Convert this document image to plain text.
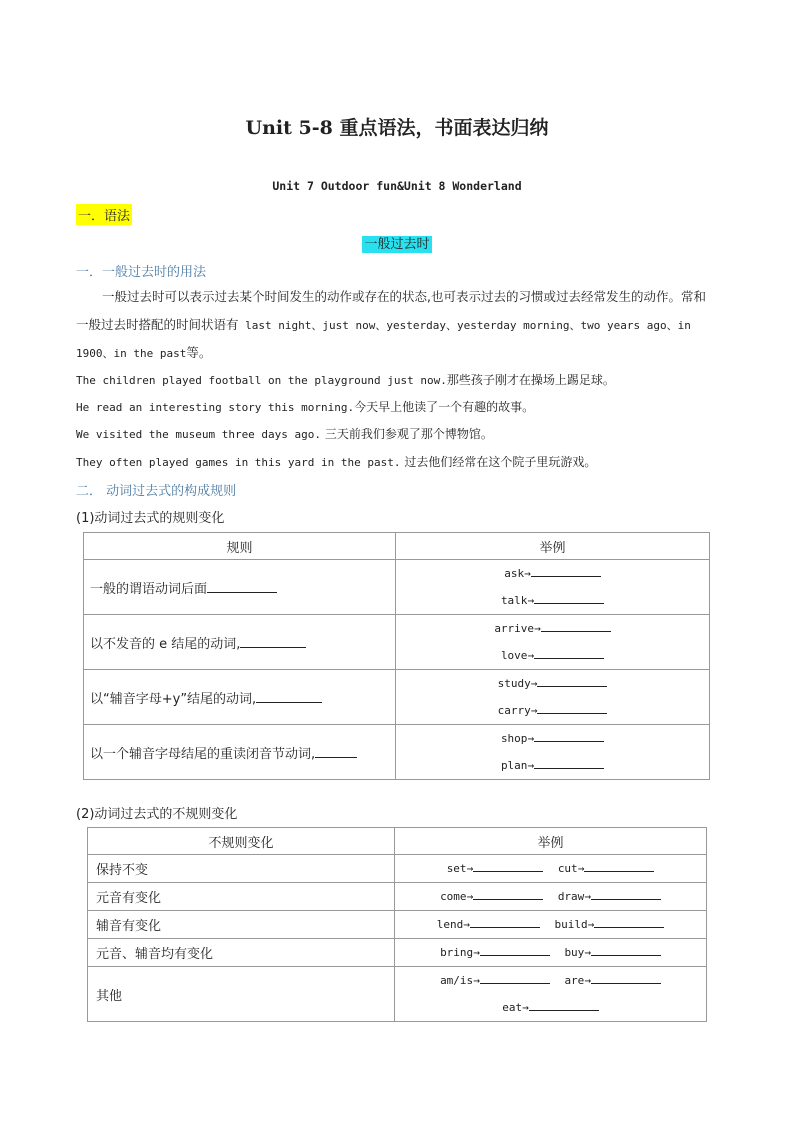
Unit 5-8 重点语法，书面表达归纳
Unit 7 Outdoor fun&Unit 8 Wonderland
一．语法
一般过去时
一．一般过去时的用法
一般过去时可以表示过去某个时间发生的动作或存在的状态,也可表示过去的习惯或过去经常发生的动作。常和一般过去时搭配的时间状语有 last night、just now、yesterday、yesterday morning、two years ago、in 1900、in the past等。
The children played football on the playground just now.那些孩子刚才在操场上踢足球。
He read an interesting story this morning.今天早上他读了一个有趣的故事。
We visited the museum three days ago. 三天前我们参观了那个博物馆。
They often played games in this yard in the past. 过去他们经常在这个院子里玩游戏。
二． 动词过去式的构成规则
(1)动词过去式的规则变化
规则	举例
一般的谓语动词后面	ask→
talk→

以不发音的 e 结尾的动词,	arrive→
love→

以“辅音字母+y”结尾的动词,	study→
carry→

以一个辅音字母结尾的重读闭音节动词,	shop→
plan→
(2)动词过去式的不规则变化
不规则变化	举例
保持不变	set→ cut→
元音有变化	come→ draw→
辅音有变化	lend→ build→
元音、辅音均有变化	bring→ buy→
其他	am/is→ are→
eat→
